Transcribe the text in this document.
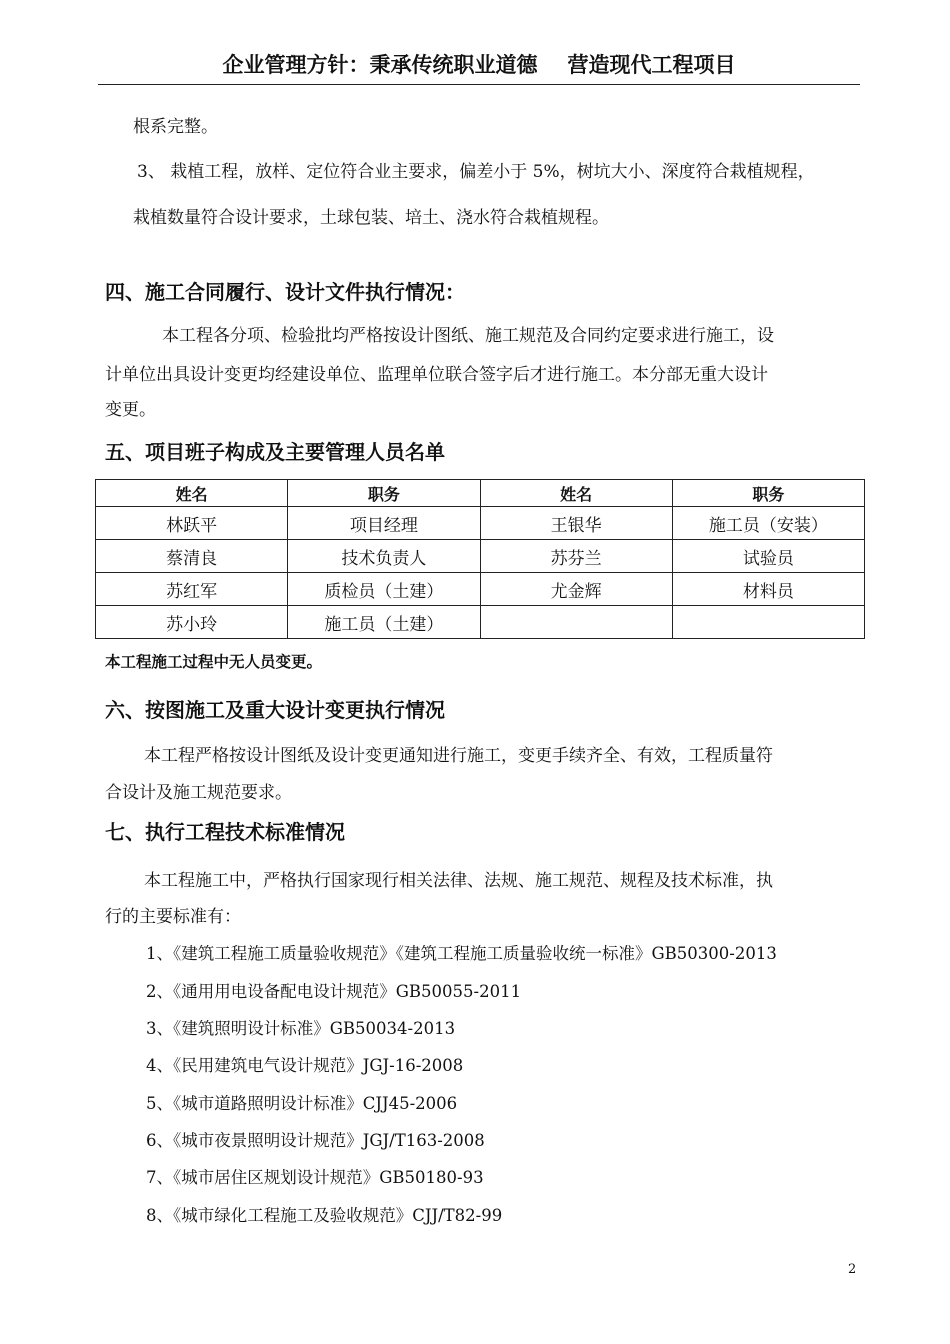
企业管理方针：秉承传统职业道德 营造现代工程项目
根系完整。
3、 栽植工程，放样、定位符合业主要求，偏差小于 5%，树坑大小、深度符合栽植规程，
栽植数量符合设计要求，土球包装、培土、浇水符合栽植规程。
四、施工合同履行、设计文件执行情况：
本工程各分项、检验批均严格按设计图纸、施工规范及合同约定要求进行施工，设
计单位出具设计变更均经建设单位、监理单位联合签字后才进行施工。本分部无重大设计
变更。
五、项目班子构成及主要管理人员名单
姓名	职务	姓名	职务
林跃平	项目经理	王银华	施工员（安装）
蔡清良	技术负责人	苏芬兰	试验员
苏红军	质检员（土建）	尤金辉	材料员
苏小玲	施工员（土建）		
本工程施工过程中无人员变更。
六、按图施工及重大设计变更执行情况
本工程严格按设计图纸及设计变更通知进行施工，变更手续齐全、有效，工程质量符
合设计及施工规范要求。
七、执行工程技术标准情况
本工程施工中，严格执行国家现行相关法律、法规、施工规范、规程及技术标准，执
行的主要标准有：
1、《建筑工程施工质量验收规范》《建筑工程施工质量验收统一标准》GB50300-2013
2、《通用用电设备配电设计规范》GB50055-2011
3、《建筑照明设计标准》GB50034-2013
4、《民用建筑电气设计规范》JGJ-16-2008
5、《城市道路照明设计标准》CJJ45-2006
6、《城市夜景照明设计规范》JGJ/T163-2008
7、《城市居住区规划设计规范》GB50180-93
8、《城市绿化工程施工及验收规范》CJJ/T82-99
2
